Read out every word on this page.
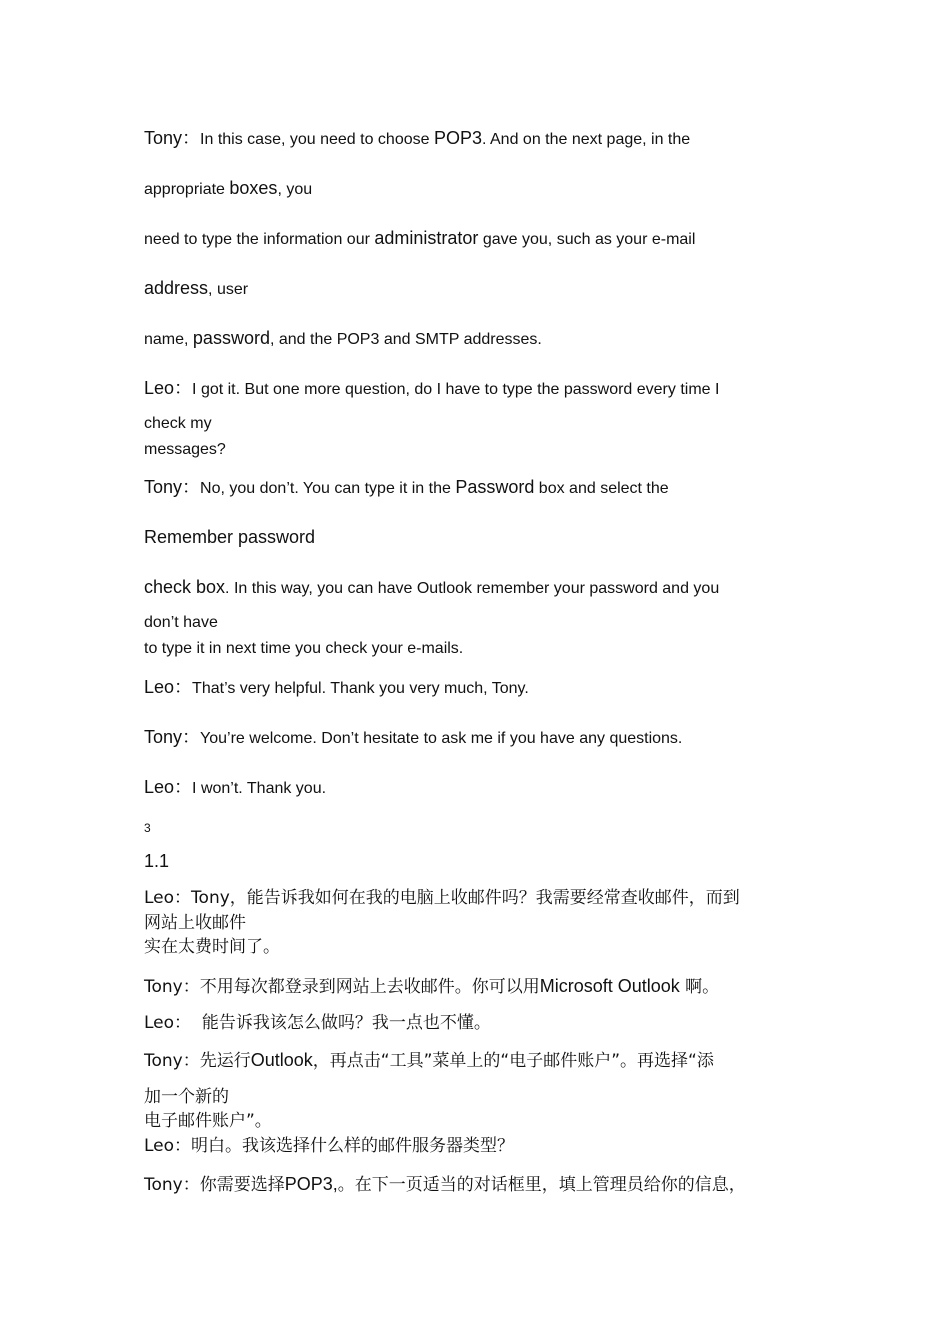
Tony：In this case, you need to choose POP3. And on the next page, in the
appropriate boxes, you
need to type the information our administrator gave you, such as your e-mail
address, user
name, password, and the POP3 and SMTP addresses.
Leo：I got it. But one more question, do I have to type the password every time I
check my
messages?
Tony：No, you don’t. You can type it in the Password box and select the
Remember password
check box. In this way, you can have Outlook remember your password and you
don’t have
to type it in next time you check your e-mails.
Leo：That’s very helpful. Thank you very much, Tony.
Tony：You’re welcome. Don’t hesitate to ask me if you have any questions.
Leo：I won’t. Thank you.
3
1.1
Leo：Tony，能告诉我如何在我的电脑上收邮件吗？我需要经常查收邮件，而到
网站上收邮件
实在太费时间了。
Tony：不用每次都登录到网站上去收邮件。你可以用Microsoft Outlook 啊。
Leo：  能告诉我该怎么做吗？我一点也不懂。
Tony：先运行Outlook，再点击“工具”菜单上的“电子邮件账户”。再选择“添
加一个新的
电子邮件账户”。
Leo：明白。我该选择什么样的邮件服务器类型？
Tony：你需要选择POP3,。在下一页适当的对话框里，填上管理员给你的信息，
